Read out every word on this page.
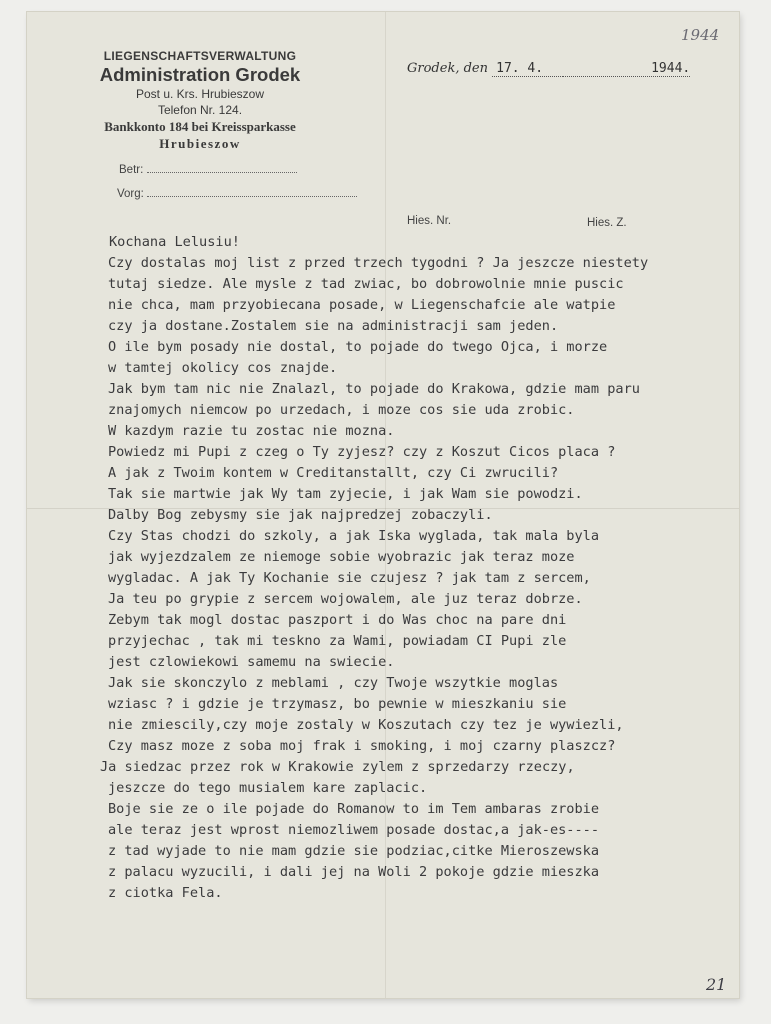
1944
LIEGENSCHAFTSVERWALTUNG
Administration Grodek
Post u. Krs. Hrubieszow
Telefon Nr. 124.
Bankkonto 184 bei Kreissparkasse
Hrubieszow
Betr:
Vorg:
Hies. Nr.	Hies. Z.
Grodek, den 17. 4.	1944.
Kochana Lelusiu!
Czy dostalas moj list z przed trzech tygodni ? Ja jeszcze niestety
tutaj siedze. Ale mysle z tad zwiac, bo dobrowolnie mnie puscic
nie chca, mam przyobiecana posade, w Liegenschafcie ale watpie
czy ja dostane.Zostalem sie na administracji sam jeden.
O ile bym posady nie dostal, to pojade do twego Ojca, i morze
w tamtej okolicy cos znajde.
Jak bym tam nic nie Znalazl, to pojade do Krakowa, gdzie mam paru
znajomych niemcow po urzedach, i moze cos sie uda zrobic.
W kazdym razie tu zostac nie mozna.
Powiedz mi Pupi z czeg o Ty zyjesz? czy z Koszut Cicos placa ?
A jak z Twoim kontem w Creditanstallt, czy Ci zwrucili?
Tak sie martwie jak Wy tam zyjecie, i jak Wam sie powodzi.
Dalby Bog zebysmy sie jak najpredzej zobaczyli.
Czy Stas chodzi do szkoly, a jak Iska wyglada, tak mala byla
jak wyjezdzalem ze niemoge sobie wyobrazic jak teraz moze
wygladac. A jak Ty Kochanie sie czujesz ? jak tam z sercem,
Ja teu po grypie z sercem wojowalem, ale juz teraz dobrze.
Zebym tak mogl dostac paszport i do Was choc na pare dni
przyjechac , tak mi teskno za Wami, powiadam CI Pupi zle
jest czlowiekowi samemu na swiecie.
Jak sie skonczylo z meblami , czy Twoje wszytkie moglas
wziasc ? i gdzie je trzymasz, bo pewnie w mieszkaniu sie
nie zmiescily,czy moje zostaly w Koszutach czy tez je wywiezli,
Czy masz moze z soba moj frak i smoking, i moj czarny plaszcz?
Ja siedzac przez rok w Krakowie zylem z sprzedarzy rzeczy,
jeszcze do tego musialem kare zaplacic.
Boje sie ze o ile pojade do Romanow to im Tem ambaras zrobie
ale teraz jest wprost niemozliwem posade dostac,a jak-es----
z tad wyjade to nie mam gdzie sie podziac,citke Mieroszewska
z palacu wyzucili, i dali jej na Woli 2 pokoje gdzie mieszka
z ciotka Fela.
21
